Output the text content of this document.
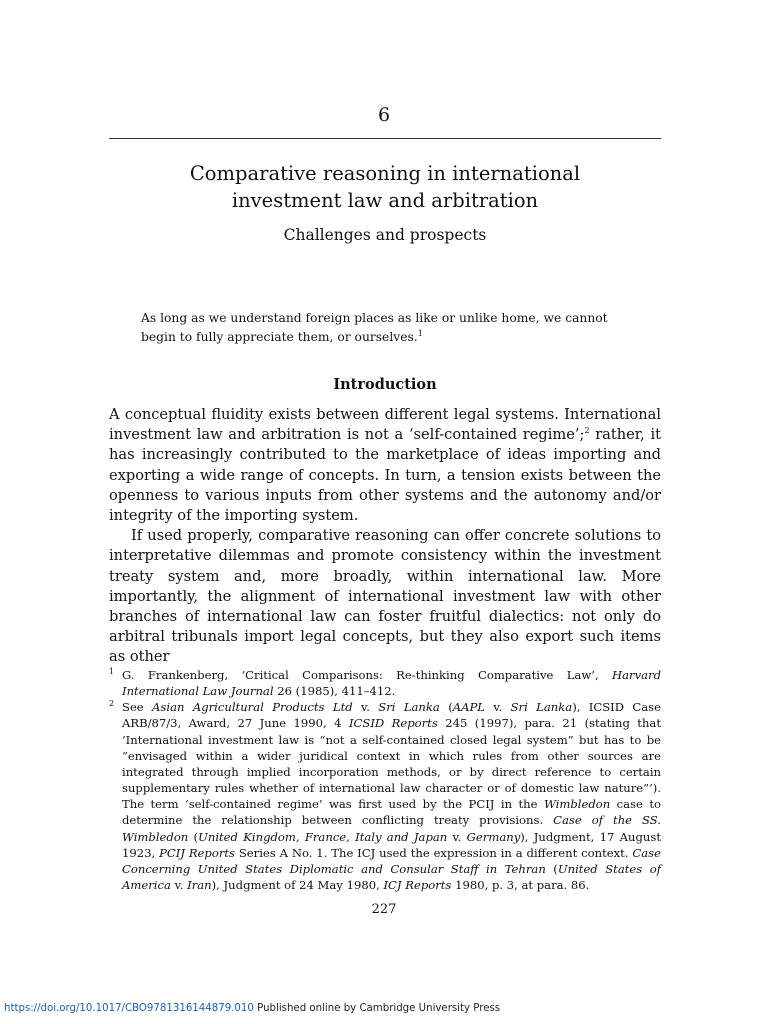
6
Comparative reasoning in international
investment law and arbitration
Challenges and prospects
As long as we understand foreign places as like or unlike home, we cannot begin to fully appreciate them, or ourselves.$^1$
Introduction

A conceptual fluidity exists between different legal systems. International investment law and arbitration is not a ‘self-contained regime’;$^2$ rather, it has increasingly contributed to the marketplace of ideas importing and exporting a wide range of concepts. In turn, a tension exists between the openness to various inputs from other systems and the autonomy and/or integrity of the importing system.

If used properly, comparative reasoning can offer concrete solutions to interpretative dilemmas and promote consistency within the investment treaty system and, more broadly, within international law. More importantly, the alignment of international investment law with other branches of international law can foster fruitful dialectics: not only do arbitral tribunals import legal concepts, but they also export such items as other

1 G. Frankenberg, ‘Critical Comparisons: Re-thinking Comparative Law’, Harvard International Law Journal 26 (1985), 411–412.

2 See Asian Agricultural Products Ltd v. Sri Lanka (AAPL v. Sri Lanka), ICSID Case ARB/87/3, Award, 27 June 1990, 4 ICSID Reports 245 (1997), para. 21 (stating that ‘International investment law is “not a self-contained closed legal system” but has to be “envisaged within a wider juridical context in which rules from other sources are integrated through implied incorporation methods, or by direct reference to certain supplementary rules whether of international law character or of domestic law nature”’). The term ‘self-contained regime’ was first used by the PCIJ in the Wimbledon case to determine the relationship between conflicting treaty provisions. Case of the SS. Wimbledon (United Kingdom, France, Italy and Japan v. Germany), Judgment, 17 August 1923, PCIJ Reports Series A No. 1. The ICJ used the expression in a different context. Case Concerning United States Diplomatic and Consular Staff in Tehran (United States of America v. Iran), Judgment of 24 May 1980, ICJ Reports 1980, p. 3, at para. 86.

227
https://doi.org/10.1017/CBO9781316144879.010 Published online by Cambridge University Press
